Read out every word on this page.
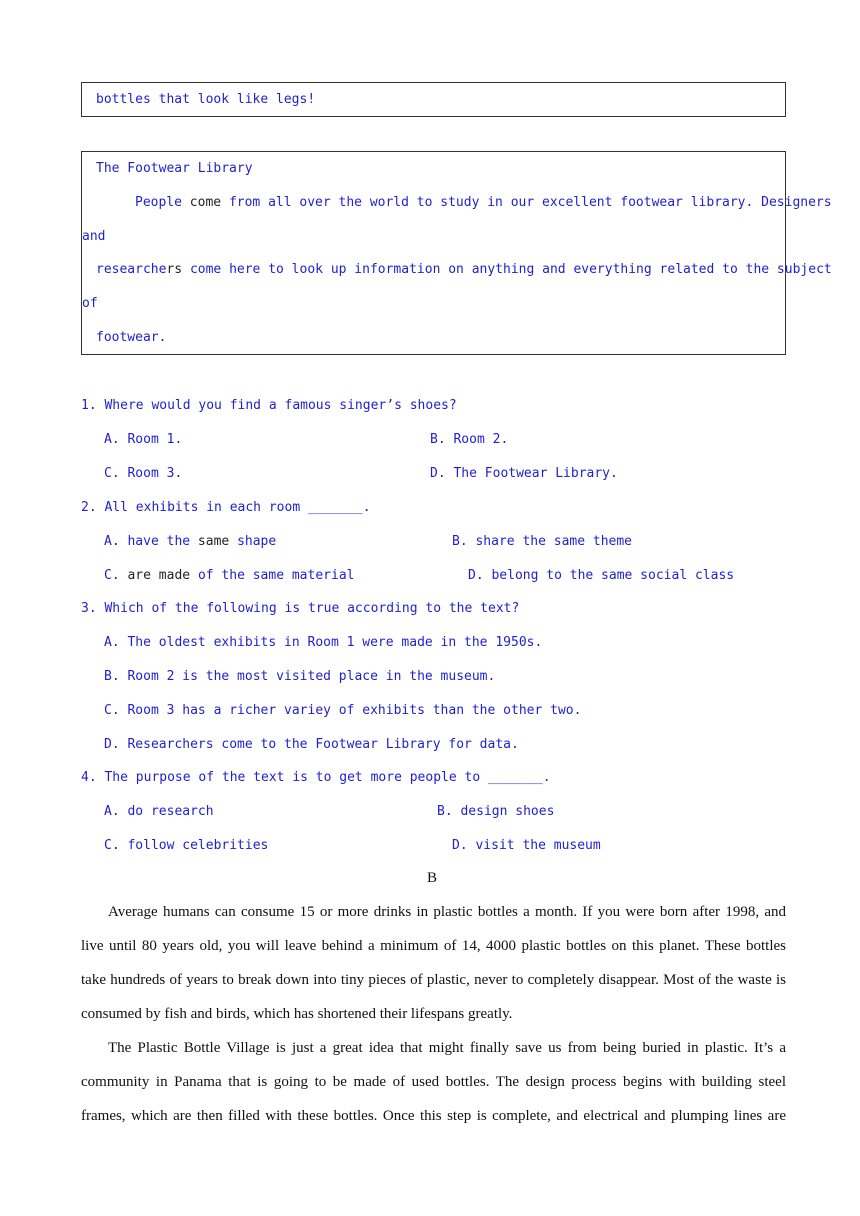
bottles that look like legs!
The Footwear Library
People come from all over the world to study in our excellent footwear library. Designers
and
researchers come here to look up information on anything and everything related to the subject
of
footwear.
1. Where would you find a famous singer’s shoes?
A. Room 1.	B. Room 2.
C. Room 3.	D. The Footwear Library.
2. All exhibits in each room _______.
A. have the same shape	B. share the same theme
C. are made of the same material	D. belong to the same social class
3. Which of the following is true according to the text?
A. The oldest exhibits in Room 1 were made in the 1950s.
B. Room 2 is the most visited place in the museum.
C. Room 3 has a richer variey of exhibits than the other two.
D. Researchers come to the Footwear Library for data.
4. The purpose of the text is to get more people to _______.
A. do research	B. design shoes
C. follow celebrities	D. visit the museum
B
Average humans can consume 15 or more drinks in plastic bottles a month. If you were born after 1998, and
live until 80 years old, you will leave behind a minimum of 14, 4000 plastic bottles on this planet. These bottles
take hundreds of years to break down into tiny pieces of plastic, never to completely disappear. Most of the waste is
consumed by fish and birds, which has shortened their lifespans greatly.
The Plastic Bottle Village is just a great idea that might finally save us from being buried in plastic. It’s a
community in Panama that is going to be made of used bottles. The design process begins with building steel
frames, which are then filled with these bottles. Once this step is complete, and electrical and plumping lines are
